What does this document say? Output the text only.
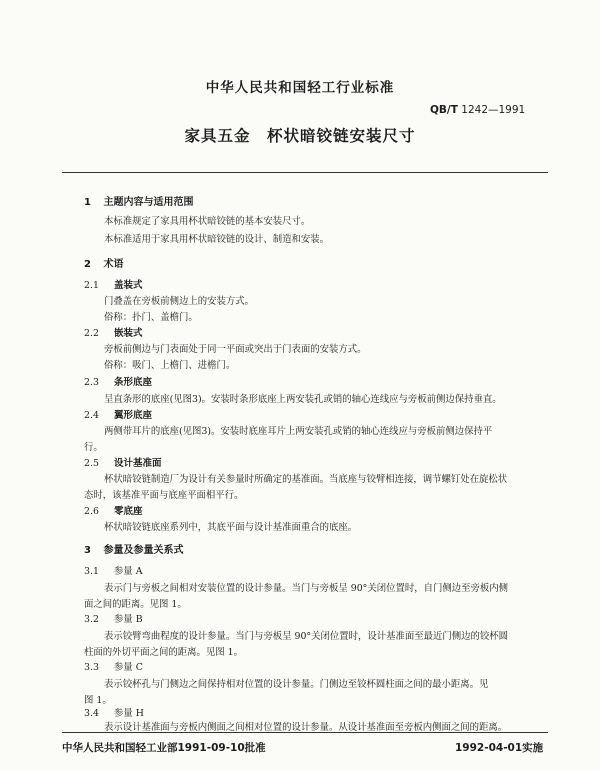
中华人民共和国轻工行业标准
QB/T 1242—1991
家具五金　杯状暗铰链安装尺寸
1 主题内容与适用范围
本标准规定了家具用杯状暗铰链的基本安装尺寸。
本标准适用于家具用杯状暗铰链的设计、制造和安装。
2 术语
2.1 盖装式
门叠盖在旁板前侧边上的安装方式。
俗称：扑门、盖檐门。
2.2 嵌装式
旁板前侧边与门表面处于同一平面或突出于门表面的安装方式。
俗称：吸门、上檐门、进檐门。
2.3 条形底座
呈直条形的底座(见图3)。安装时条形底座上两安装孔或销的轴心连线应与旁板前侧边保持垂直。
2.4 翼形底座
两侧带耳片的底座(见图3)。安装时底座耳片上两安装孔或销的轴心连线应与旁板前侧边保持平
行。
2.5 设计基准面
杯状暗铰链制造厂为设计有关参量时所确定的基准面。当底座与铰臂相连接，调节螺钉处在旋松状
态时，该基准平面与底座平面相平行。
2.6 零底座
杯状暗铰链底座系列中，其底平面与设计基准面重合的底座。
3 参量及参量关系式
3.1 参量 A
表示门与旁板之间相对安装位置的设计参量。当门与旁板呈 90°关闭位置时，自门侧边至旁板内侧
面之间的距离。见图 1。
3.2 参量 B
表示铰臂弯曲程度的设计参量。当门与旁板呈 90°关闭位置时，设计基准面至最近门侧边的铰杯圆
柱面的外切平面之间的距离。见图 1。
3.3 参量 C
表示铰杯孔与门侧边之间保持相对位置的设计参量。门侧边至铰杯圆柱面之间的最小距离。见
图 1。
3.4 参量 H
表示设计基准面与旁板内侧面之间相对位置的设计参量。从设计基准面至旁板内侧面之间的距离。
中华人民共和国轻工业部1991-09-10批准	1992-04-01实施
